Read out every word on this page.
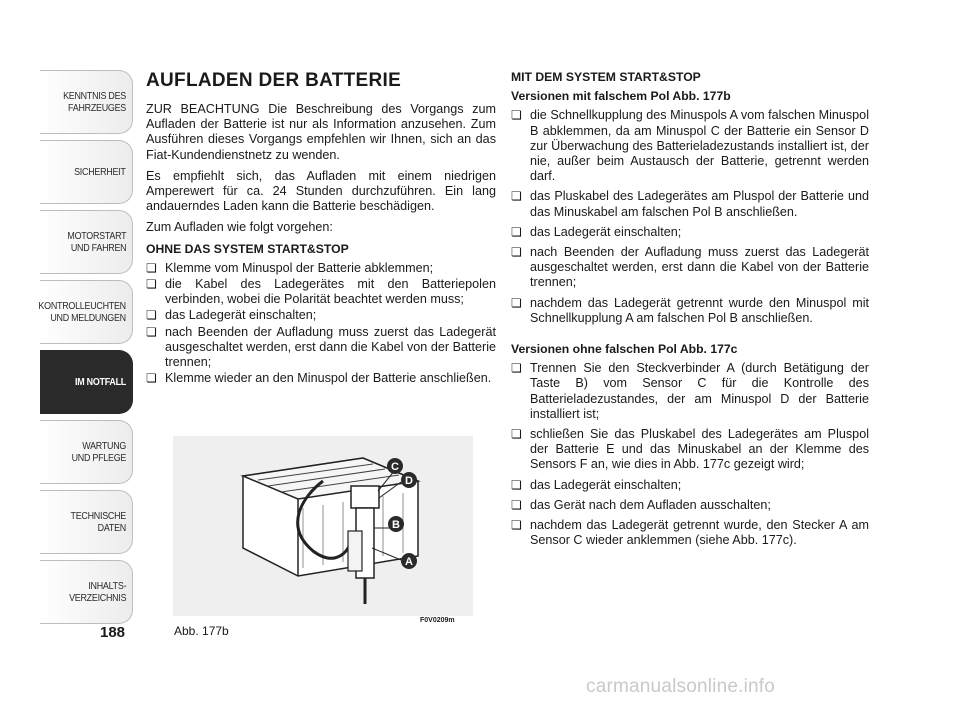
KENNTNIS DES
FAHRZEUGES
SICHERHEIT
MOTORSTART
UND FAHREN
KONTROLLEUCHTEN
UND MELDUNGEN
IM NOTFALL
WARTUNG
UND PFLEGE
TECHNISCHE DATEN
INHALTS-
VERZEICHNIS
188
AUFLADEN DER BATTERIE

ZUR BEACHTUNG Die Beschreibung des Vorgangs zum Aufladen der Batterie ist nur als Information anzusehen. Zum Ausführen dieses Vorgangs empfehlen wir Ihnen, sich an das Fiat-Kundendienstnetz zu wenden.

Es empfiehlt sich, das Aufladen mit einem niedrigen Amperewert für ca. 24 Stunden durchzuführen. Ein lang andauerndes Laden kann die Batterie beschädigen.

Zum Aufladen wie folgt vorgehen:

OHNE DAS SYSTEM START&STOP
❏ Klemme vom Minuspol der Batterie abklemmen;
❏ die Kabel des Ladegerätes mit den Batteriepolen verbinden, wobei die Polarität beachtet werden muss;
❏ das Ladegerät einschalten;
❏ nach Beenden der Aufladung muss zuerst das Ladegerät ausgeschaltet werden, erst dann die Kabel von der Batterie trennen;
❏ Klemme wieder an den Minuspol der Batterie anschließen.
C
D
B
A
F0V0209m
Abb. 177b
MIT DEM SYSTEM START&STOP
Versionen mit falschem Pol Abb. 177b
❏ die Schnellkupplung des Minuspols A vom falschen Minuspol B abklemmen, da am Minuspol C der Batterie ein Sensor D zur Überwachung des Batterieladezustands installiert ist, der nie, außer beim Austausch der Batterie, getrennt werden darf.
❏ das Pluskabel des Ladegerätes am Pluspol der Batterie und das Minuskabel am falschen Pol B anschließen.
❏ das Ladegerät einschalten;
❏ nach Beenden der Aufladung muss zuerst das Ladegerät ausgeschaltet werden, erst dann die Kabel von der Batterie trennen;
❏ nachdem das Ladegerät getrennt wurde den Minuspol mit Schnellkupplung A am falschen Pol B anschließen.
Versionen ohne falschen Pol Abb. 177c
❏ Trennen Sie den Steckverbinder A (durch Betätigung der Taste B) vom Sensor C für die Kontrolle des Batterieladezustandes, der am Minuspol D der Batterie installiert ist;
❏ schließen Sie das Pluskabel des Ladegerätes am Pluspol der Batterie E und das Minuskabel an der Klemme des Sensors F an, wie dies in Abb. 177c gezeigt wird;
❏ das Ladegerät einschalten;
❏ das Gerät nach dem Aufladen ausschalten;
❏ nachdem das Ladegerät getrennt wurde, den Stecker A am Sensor C wieder anklemmen (siehe Abb. 177c).
carmanualsonline.info
